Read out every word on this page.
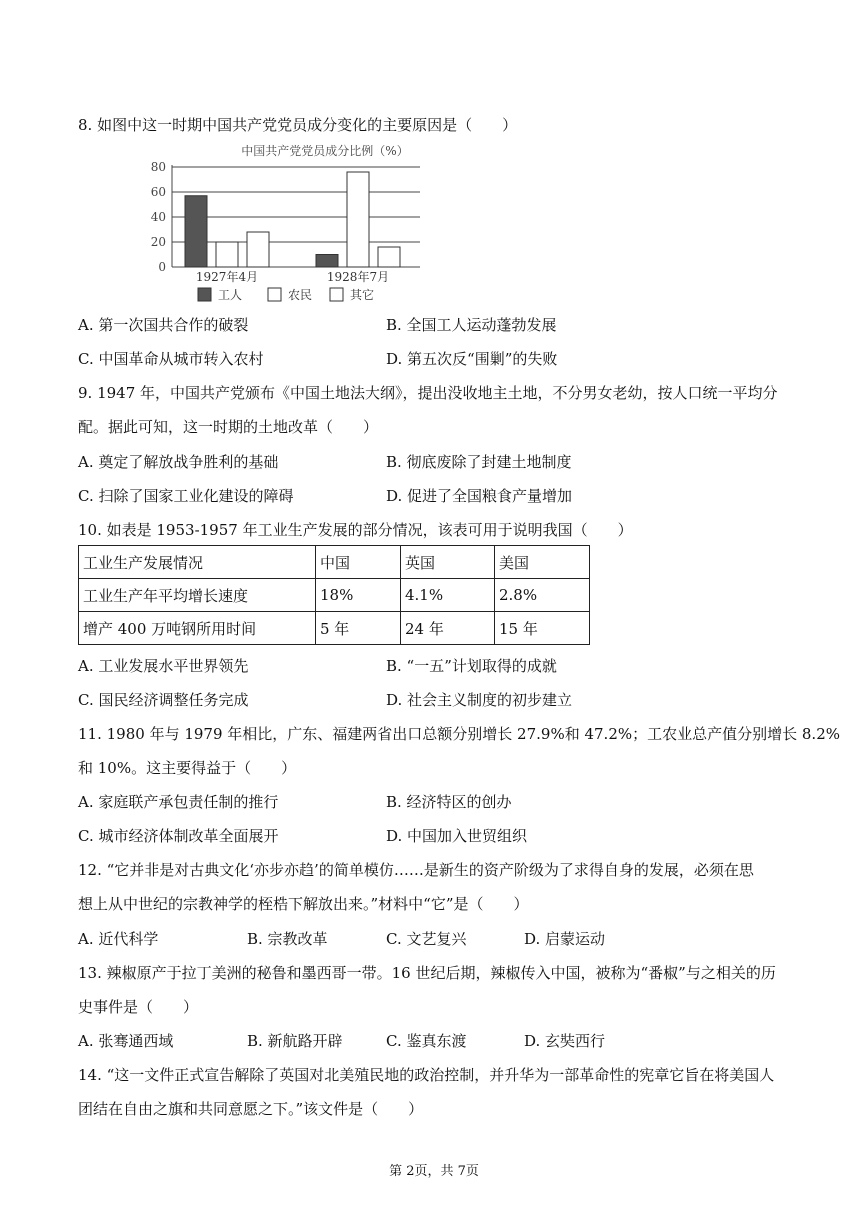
8. 如图中这一时期中国共产党党员成分变化的主要原因是（　　）
中国共产党党员成分比例（%）
0
20
40
60
80
1927年4月	1928年7月
工人	农民	其它
A. 第一次国共合作的破裂	B. 全国工人运动蓬勃发展
C. 中国革命从城市转入农村	D. 第五次反“围剿”的失败
9. 1947 年，中国共产党颁布《中国土地法大纲》，提出没收地主土地，不分男女老幼，按人口统一平均分
配。据此可知，这一时期的土地改革（　　）
A. 奠定了解放战争胜利的基础	B. 彻底废除了封建土地制度
C. 扫除了国家工业化建设的障碍	D. 促进了全国粮食产量增加
10. 如表是 1953-1957 年工业生产发展的部分情况，该表可用于说明我国（　　）
工业生产发展情况	中国	英国	美国
工业生产年平均增长速度	18%	4.1%	2.8%
增产 400 万吨钢所用时间	5 年	24 年	15 年
A. 工业发展水平世界领先	B. “一五”计划取得的成就
C. 国民经济调整任务完成	D. 社会主义制度的初步建立
11. 1980 年与 1979 年相比，广东、福建两省出口总额分别增长 27.9%和 47.2%；工农业总产值分别增长 8.2%
和 10%。这主要得益于（　　）
A. 家庭联产承包责任制的推行	B. 经济特区的创办
C. 城市经济体制改革全面展开	D. 中国加入世贸组织
12. “它并非是对古典文化‘亦步亦趋’的简单模仿……是新生的资产阶级为了求得自身的发展，必须在思
想上从中世纪的宗教神学的桎梏下解放出来。”材料中“它”是（　　）
A. 近代科学	B. 宗教改革	C. 文艺复兴	D. 启蒙运动
13. 辣椒原产于拉丁美洲的秘鲁和墨西哥一带。16 世纪后期，辣椒传入中国，被称为“番椒”与之相关的历
史事件是（　　）
A. 张骞通西域	B. 新航路开辟	C. 鉴真东渡	D. 玄奘西行
14. “这一文件正式宣告解除了英国对北美殖民地的政治控制，并升华为一部革命性的宪章它旨在将美国人
团结在自由之旗和共同意愿之下。”该文件是（　　）
第 2页，共 7页
